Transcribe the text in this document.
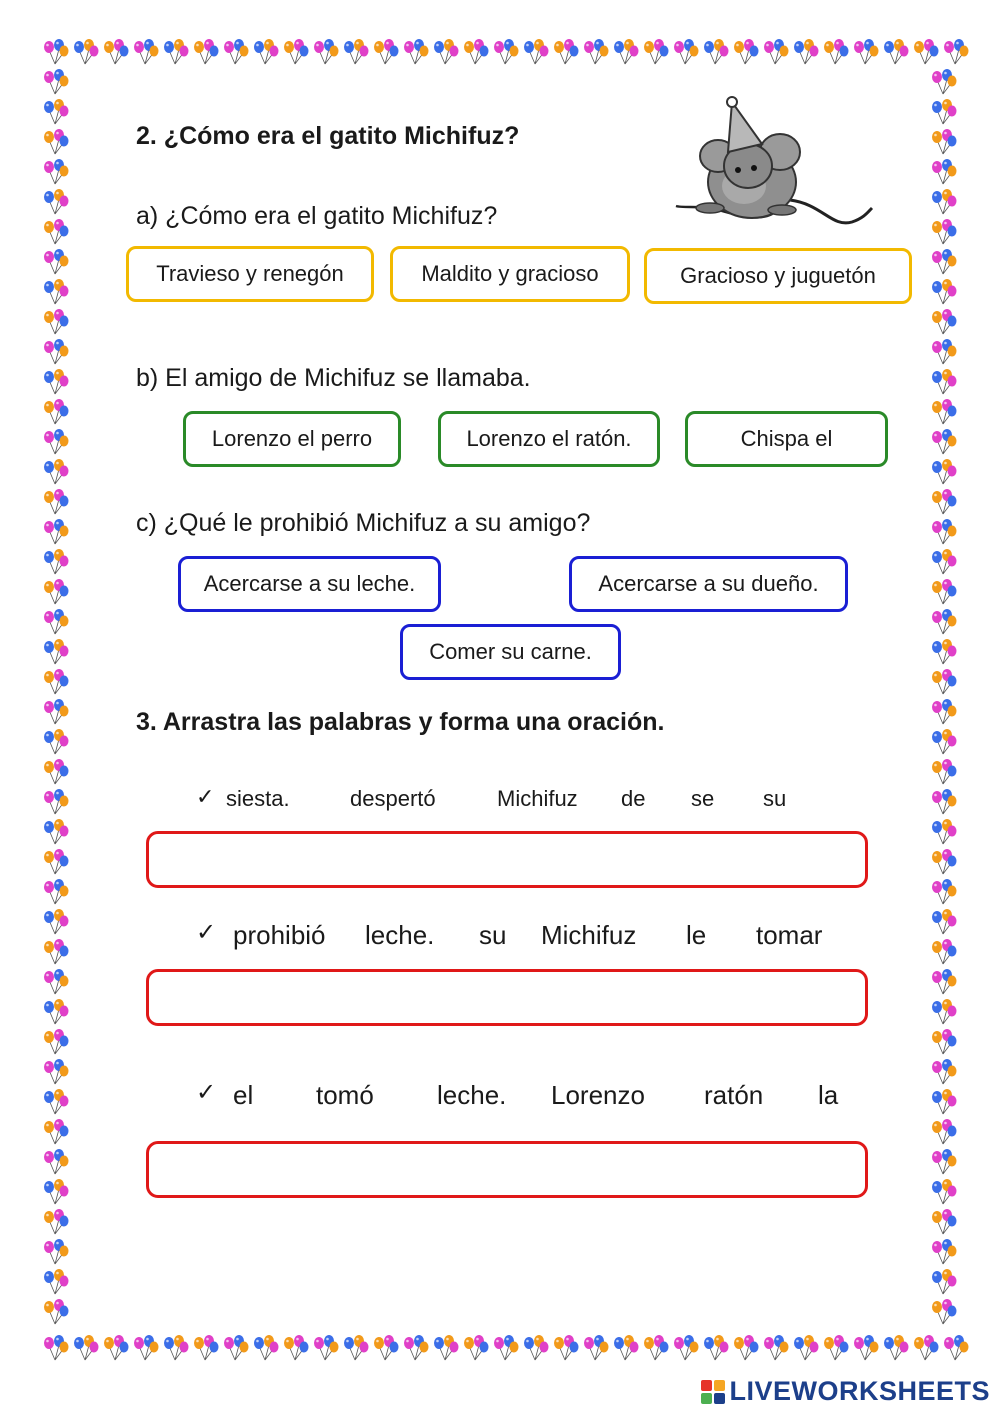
2. ¿Cómo era el gatito Michifuz?
a) ¿Cómo era el gatito Michifuz?
Travieso y renegón	Maldito y gracioso	Gracioso y juguetón
b) El amigo de Michifuz se llamaba.
Lorenzo el perro	Lorenzo el ratón.	Chispa el
c) ¿Qué le prohibió Michifuz a su amigo?
Acercarse a su leche.	Acercarse a su dueño.
Comer su carne.
3. Arrastra las palabras y forma una oración.
✓ siesta.	despertó	Michifuz de se su
✓ prohibió leche. su Michifuz le tomar
✓ el tomó leche. Lorenzo ratón la
LIVEWORKSHEETS
